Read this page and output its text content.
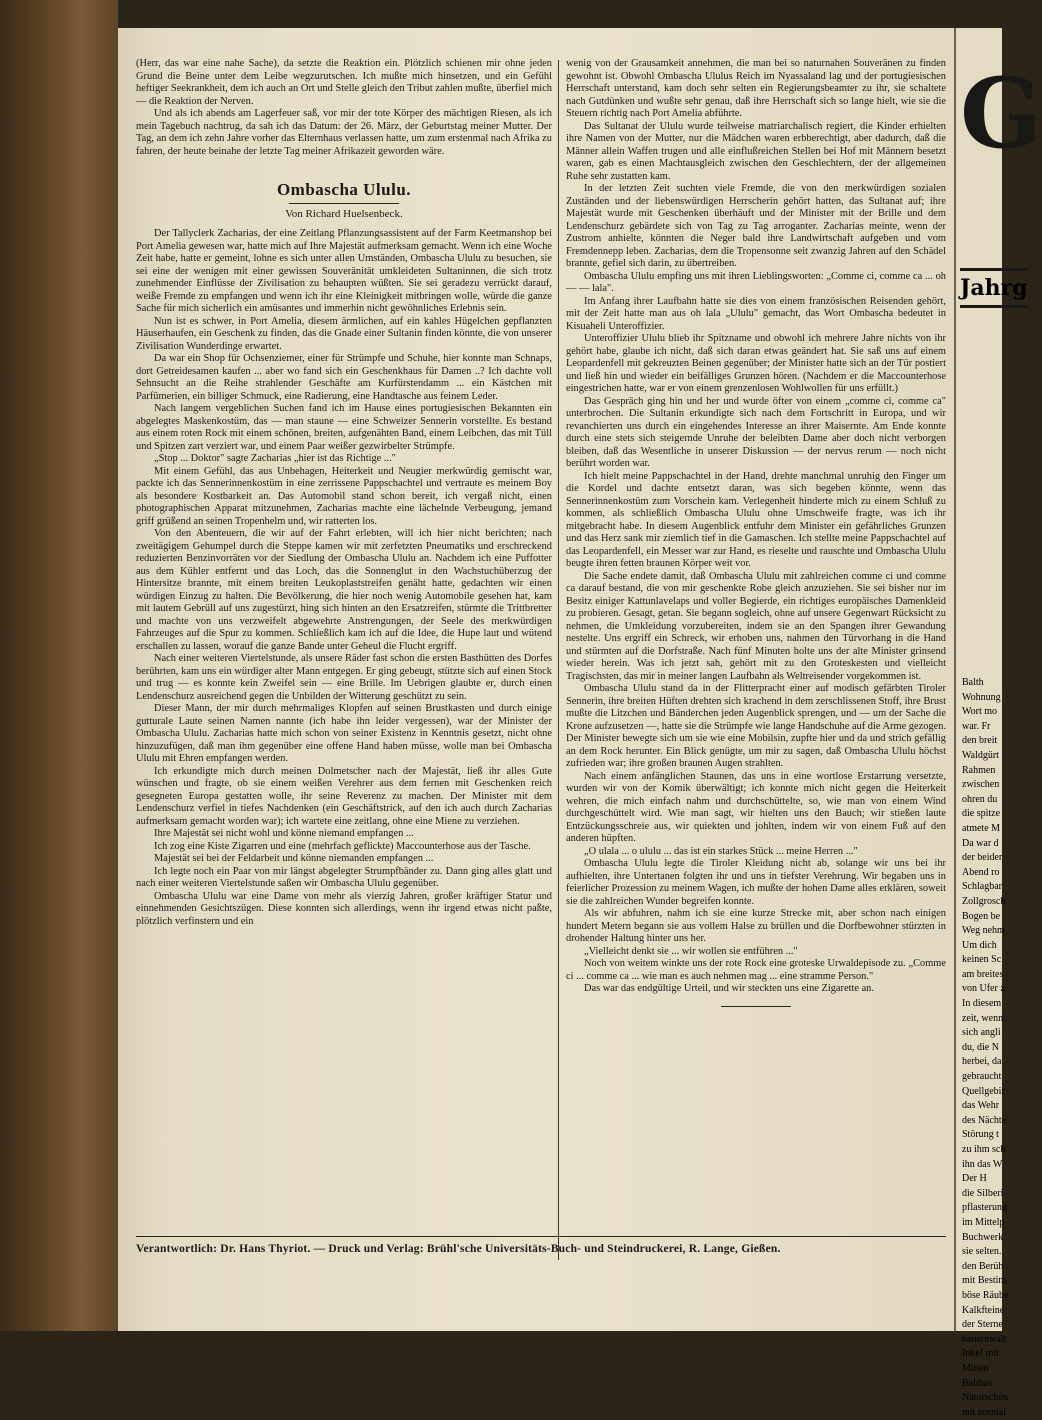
(Herr, das war eine nahe Sache), da setzte die Reaktion ein. Plötzlich schienen mir ohne jeden Grund die Beine unter dem Leibe wegzurutschen. Ich mußte mich hinsetzen, und ein Gefühl heftiger Seekrankheit, dem ich auch an Ort und Stelle gleich den Tribut zahlen mußte, überfiel mich — die Reaktion der Nerven.

Und als ich abends am Lagerfeuer saß, vor mir der tote Körper des mächtigen Riesen, als ich mein Tagebuch nachtrug, da sah ich das Datum: der 26. März, der Geburtstag meiner Mutter. Der Tag, an dem ich zehn Jahre vorher das Elternhaus verlassen hatte, um zum erstenmal nach Afrika zu fahren, der heute beinahe der letzte Tag meiner Afrikazeit geworden wäre.

Ombascha Ululu.
Von Richard Huelsenbeck.

Der Tallyclerk Zacharias, der eine Zeitlang Pflanzungsassistent auf der Farm Keetmanshop bei Port Amelia gewesen war, hatte mich auf Ihre Majestät aufmerksam gemacht. Wenn ich eine Woche Zeit habe, hatte er gemeint, lohne es sich unter allen Umständen, Ombascha Ululu zu besuchen, sie sei eine der wenigen mit einer gewissen Souveränität umkleideten Sultaninnen, die sich trotz zunehmender Einflüsse der Zivilisation zu behaupten wüßten. Sie sei geradezu verrückt darauf, weiße Fremde zu empfangen und wenn ich ihr eine Kleinigkeit mitbringen wolle, würde die ganze Sache für mich sicherlich ein amüsantes und immerhin nicht gewöhnliches Erlebnis sein.

Nun ist es schwer, in Port Amelia, diesem ärmlichen, auf ein kahles Hügelchen gepflanzten Häuserhaufen, ein Geschenk zu finden, das die Gnade einer Sultanin finden könnte, die von unserer Zivilisation Wunderdinge erwartet.

Da war ein Shop für Ochsenziemer, einer für Strümpfe und Schuhe, hier konnte man Schnaps, dort Getreidesamen kaufen ... aber wo fand sich ein Geschenkhaus für Damen ..? Ich dachte voll Sehnsucht an die Reihe strahlender Geschäfte am Kurfürstendamm ... ein Kästchen mit Parfümerien, ein billiger Schmuck, eine Radierung, eine Handtasche aus feinem Leder.

Nach langem vergeblichen Suchen fand ich im Hause eines portugiesischen Bekannten ein abgelegtes Maskenkostüm, das — man staune — eine Schweizer Sennerin vorstellte. Es bestand aus einem roten Rock mit einem schönen, breiten, aufgenähten Band, einem Leibchen, das mit Tüll und Spitzen zart verziert war, und einem Paar weißer gezwirbelter Strümpfe.

„Stop ... Doktor" sagte Zacharias „hier ist das Richtige ..."

Mit einem Gefühl, das aus Unbehagen, Heiterkeit und Neugier merkwürdig gemischt war, packte ich das Sennerinnenkostüm in eine zerrissene Pappschachtel und vertraute es meinem Boy als besondere Kostbarkeit an. Das Automobil stand schon bereit, ich vergaß nicht, einen photographischen Apparat mitzunehmen, Zacharias machte eine lächelnde Verbeugung, jemand griff grüßend an seinen Tropenhelm und, wir ratterten los.

Von den Abenteuern, die wir auf der Fahrt erlebten, will ich hier nicht berichten; nach zweitägigem Gehumpel durch die Steppe kamen wir mit zerfetzten Pneumatiks und erschreckend reduzierten Benzinvorräten vor der Siedlung der Ombascha Ululu an. Nachdem ich eine Puffotter aus dem Kühler entfernt und das Loch, das die Sonnenglut in den Wachstuchüberzug der Hintersitze brannte, mit einem breiten Leukoplaststreifen genäht hatte, gedachten wir einen würdigen Einzug zu halten. Die Bevölkerung, die hier noch wenig Automobile gesehen hat, kam mit lautem Gebrüll auf uns zugestürzt, hing sich hinten an den Ersatzreifen, stürmte die Trittbretter und machte von uns verzweifelt abgewehrte Anstrengungen, der Seele des merkwürdigen Fahrzeuges auf die Spur zu kommen. Schließlich kam ich auf die Idee, die Hupe laut und wütend erschallen zu lassen, worauf die ganze Bande unter Geheul die Flucht ergriff.

Nach einer weiteren Viertelstunde, als unsere Räder fast schon die ersten Basthütten des Dorfes berührten, kam uns ein würdiger alter Mann entgegen. Er ging gebeugt, stützte sich auf einen Stock und trug — es konnte kein Zweifel sein — eine Brille. Im Uebrigen glaubte er, durch einen Lendenschurz ausreichend gegen die Unbilden der Witterung geschützt zu sein.

Dieser Mann, der mir durch mehrmaliges Klopfen auf seinen Brustkasten und durch einige gutturale Laute seinen Namen nannte (ich habe ihn leider vergessen), war der Minister der Ombascha Ululu. Zacharias hatte mich schon von seiner Existenz in Kenntnis gesetzt, nicht ohne hinzuzufügen, daß man ihm gegenüber eine offene Hand haben müsse, wolle man bei Ombascha Ululu mit Ehren empfangen werden.

Ich erkundigte mich durch meinen Dolmetscher nach der Majestät, ließ ihr alles Gute wünschen und fragte, ob sie einem weißen Verehrer aus dem fernen mit Geschenken reich gesegneten Europa gestatten wolle, ihr seine Reverenz zu machen. Der Minister mit dem Lendenschurz verfiel in tiefes Nachdenken (ein Geschäftstrick, auf den ich auch durch Zacharias aufmerksam gemacht worden war); ich wartete eine zeitlang, ohne eine Miene zu verziehen.

Ihre Majestät sei nicht wohl und könne niemand empfangen ...

Ich zog eine Kiste Zigarren und eine (mehrfach geflickte) Maccounterhose aus der Tasche.

Majestät sei bei der Feldarbeit und könne niemanden empfangen ...

Ich legte noch ein Paar von mir längst abgelegter Strumpfbänder zu. Dann ging alles glatt und nach einer weiteren Viertelstunde saßen wir Ombascha Ululu gegenüber.

Ombascha Ululu war eine Dame von mehr als vierzig Jahren, großer kräftiger Statur und einnehmenden Gesichtszügen. Diese konnten sich allerdings, wenn ihr irgend etwas nicht paßte, plötzlich verfinstern und ein

wenig von der Grausamkeit annehmen, die man bei so naturnahen Souveränen zu finden gewohnt ist. Obwohl Ombascha Ululus Reich im Nyassaland lag und der portugiesischen Herrschaft unterstand, kam doch sehr selten ein Regierungsbeamter zu ihr, sie schaltete nach Gutdünken und wußte sehr genau, daß ihre Herrschaft sich so lange hielt, wie sie die Steuern richtig nach Port Amelia abführte.

Das Sultanat der Ululu wurde teilweise matriarchalisch regiert, die Kinder erhielten ihre Namen von der Mutter, nur die Mädchen waren erbberechtigt, aber dadurch, daß die Männer allein Waffen trugen und alle einflußreichen Stellen bei Hof mit Männern besetzt waren, gab es einen Machtausgleich zwischen den Geschlechtern, der der allgemeinen Ruhe sehr zustatten kam.

In der letzten Zeit suchten viele Fremde, die von den merkwürdigen sozialen Zuständen und der liebenswürdigen Herrscherin gehört hatten, das Sultanat auf; ihre Majestät wurde mit Geschenken überhäuft und der Minister mit der Brille und dem Lendenschurz gebärdete sich von Tag zu Tag arroganter. Zacharias meinte, wenn der Zustrom anhielte, könnten die Neger bald ihre Landwirtschaft aufgeben und vom Fremdennepp leben. Zacharias, dem die Tropensonne seit zwanzig Jahren auf den Schädel brannte, gefiel sich darin, zu übertreiben.

Ombascha Ululu empfing uns mit ihren Lieblingsworten: „Comme ci, comme ca ... oh — — lala".

Im Anfang ihrer Laufbahn hatte sie dies von einem französischen Reisenden gehört, mit der Zeit hatte man aus oh lala „Ululu" gemacht, das Wort Ombascha bedeutet in Kisuaheli Unteroffizier.

Unteroffizier Ululu blieb ihr Spitzname und obwohl ich mehrere Jahre nichts von ihr gehört habe, glaube ich nicht, daß sich daran etwas geändert hat. Sie saß uns auf einem Leopardenfell mit gekreuzten Beinen gegenüber; der Minister hatte sich an der Tür postiert und ließ hin und wieder ein beifälliges Grunzen hören. (Nachdem er die Maccounterhose eingestrichen hatte, war er von einem grenzenlosen Wohlwollen für uns erfüllt.)

Das Gespräch ging hin und her und wurde öfter von einem „comme ci, comme ca" unterbrochen. Die Sultanin erkundigte sich nach dem Fortschritt in Europa, und wir revanchierten uns durch ein eingehendes Interesse an ihrer Maisernte. Am Ende konnte durch eine stets sich steigernde Unruhe der beleibten Dame aber doch nicht verborgen bleiben, daß das Wesentliche in unserer Diskussion — der nervus rerum — noch nicht berührt worden war.

Ich hielt meine Pappschachtel in der Hand, drehte manchmal unruhig den Finger um die Kordel und dachte entsetzt daran, was sich begeben könnte, wenn das Sennerinnenkostüm zum Vorschein kam. Verlegenheit hinderte mich zu einem Schluß zu kommen, als schließlich Ombascha Ululu ohne Umschweife fragte, was ich ihr mitgebracht habe. In diesem Augenblick entfuhr dem Minister ein gefährliches Grunzen und das Herz sank mir ziemlich tief in die Gamaschen. Ich stellte meine Pappschachtel auf das Leopardenfell, ein Messer war zur Hand, es rieselte und rauschte und Ombascha Ululu beugte ihren fetten braunen Körper weit vor.

Die Sache endete damit, daß Ombascha Ululu mit zahlreichen comme ci und comme ca darauf bestand, die von mir geschenkte Robe gleich anzuziehen. Sie sei bisher nur im Besitz einiger Kattunlavelaps und voller Begierde, ein richtiges europäisches Damenkleid zu probieren. Gesagt, getan. Sie begann sogleich, ohne auf unsere Gegenwart Rücksicht zu nehmen, die Umkleidung vorzubereiten, indem sie an den Spangen ihrer Gewandung nestelte. Uns ergriff ein Schreck, wir erhoben uns, nahmen den Türvorhang in die Hand und stürmten auf die Dorfstraße. Nach fünf Minuten holte uns der alte Minister grinsend wieder herein. Was ich jetzt sah, gehört mit zu den Groteskesten und vielleicht Tragischsten, das mir in meiner langen Laufbahn als Weltreisender vorgekommen ist.

Ombascha Ululu stand da in der Flitterpracht einer auf modisch gefärbten Tiroler Sennerin, ihre breiten Hüften drehten sich krachend in dem zerschlissenen Stoff, ihre Brust mußte die Litzchen und Bänderchen jeden Augenblick sprengen, und — um der Sache die Krone aufzusetzen —, hatte sie die Strümpfe wie lange Handschuhe auf die Arme gezogen. Der Minister bewegte sich um sie wie eine Mobilsin, zupfte hier und da und strich gefällig an dem Rock herunter. Ein Blick genügte, um mir zu sagen, daß Ombascha Ululu höchst zufrieden war; ihre großen braunen Augen strahlten.

Nach einem anfänglichen Staunen, das uns in eine wortlose Erstarrung versetzte, wurden wir von der Komik überwältigt; ich konnte mich nicht gegen die Heiterkeit wehren, die mich einfach nahm und durchschüttelte, so, wie man von einem Wind durchgeschüttelt wird. Wie man sagt, wir hielten uns den Bauch; wir stießen laute Entzückungsschreie aus, wir quiekten und johlten, indem wir von einem Fuß auf den anderen hüpften.

„O ulala ... o ululu ... das ist ein starkes Stück ... meine Herren ..."

Ombascha Ululu legte die Tiroler Kleidung nicht ab, solange wir uns bei ihr aufhielten, ihre Untertanen folgten ihr und uns in tiefster Verehrung. Wir begaben uns in feierlicher Prozession zu meinem Wagen, ich mußte der hohen Dame alles erklären, soweit sie die zahlreichen Wunder begreifen konnte.

Als wir abfuhren, nahm ich sie eine kurze Strecke mit, aber schon nach einigen hundert Metern begann sie aus vollem Halse zu brüllen und die Dorfbewohner stürzten in drohender Haltung hinter uns her.

„Vielleicht denkt sie ... wir wollen sie entführen ..."

Noch von weitem winkte uns der rote Rock eine groteske Urwaldepisode zu. „Comme ci ... comme ca ... wie man es auch nehmen mag ... eine stramme Person."

Das war das endgültige Urteil, und wir steckten uns eine Zigarette an.

Verantwortlich: Dr. Hans Thyriot. — Druck und Verlag: Brühl'sche Universitäts-Buch- und Steindruckerei, R. Lange, Gießen.
G
Jahrg
Balth
Wohnung
Wort mo
war. Fr
den breit
Waldgürt
Rahmen
zwischen
ohren du
die spitze
atmete M
Da war d
der beider
Abend ro
Schlagbar
Zollgrosch
Bogen be
Weg nehm
Um dich
keinen Sc
am breites
von Ufer z
In diesem
zeit, wenn
sich angli
du, die N
herbei, da
gebraucht
Quellgebir
das Wehr
des Nächte
Störung t
zu ihm sch
ihn das W
Der H
die Silberi
pflasterung
im Mittelp
Buchwerk
sie selten.
den Berüh
mit Bestim
böse Räube
Kalkfteine
der Sterne
bauernwalt
Inke! mit
Mitten
Balthas
Naturschön
mit normal
